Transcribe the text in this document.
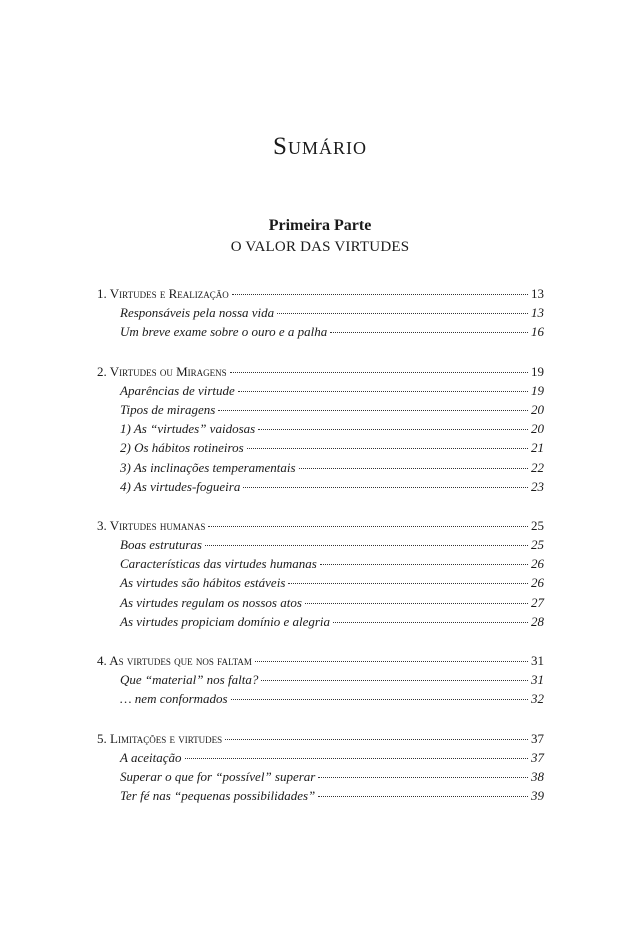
Sumário
Primeira Parte
O VALOR DAS VIRTUDES
1. Virtudes e Realização	13
Responsáveis pela nossa vida	13
Um breve exame sobre o ouro e a palha	16
2. Virtudes ou Miragens	19
Aparências de virtude	19
Tipos de miragens	20
1) As “virtudes” vaidosas	20
2) Os hábitos rotineiros	21
3) As inclinações temperamentais	22
4) As virtudes-fogueira	23
3. Virtudes humanas	25
Boas estruturas	25
Características das virtudes humanas	26
As virtudes são hábitos estáveis	26
As virtudes regulam os nossos atos	27
As virtudes propiciam domínio e alegria	28
4. As virtudes que nos faltam	31
Que “material” nos falta?	31
… nem conformados	32
5. Limitações e virtudes	37
A aceitação	37
Superar o que for “possível” superar	38
Ter fé nas “pequenas possibilidades”	39
